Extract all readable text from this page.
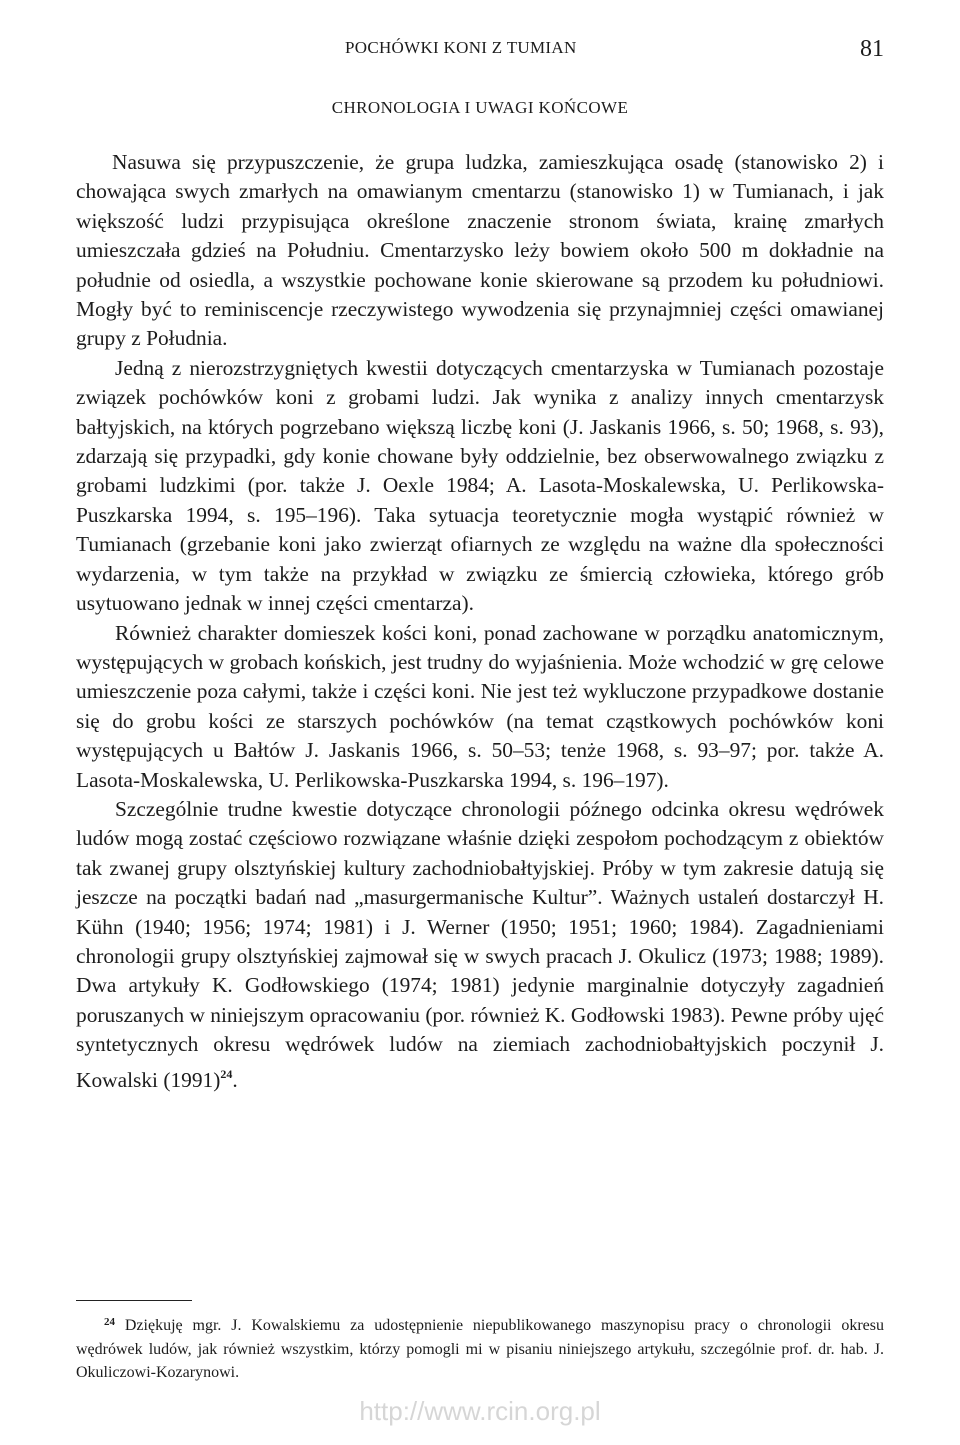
POCHÓWKI KONI Z TUMIAN	81
CHRONOLOGIA I UWAGI KOŃCOWE

Nasuwa się przypuszczenie, że grupa ludzka, zamieszkująca osadę (stanowisko 2) i chowająca swych zmarłych na omawianym cmentarzu (stanowisko 1) w Tumianach, i jak większość ludzi przypisująca określone znaczenie stronom świata, krainę zmarłych umieszczała gdzieś na Południu. Cmentarzysko leży bowiem około 500 m dokładnie na południe od osiedla, a wszystkie pochowane konie skierowane są przodem ku południowi. Mogły być to reminiscencje rzeczywistego wywodzenia się przynajmniej części omawianej grupy z Południa.

Jedną z nierozstrzygniętych kwestii dotyczących cmentarzyska w Tumianach pozostaje związek pochówków koni z grobami ludzi. Jak wynika z analizy innych cmentarzysk bałtyjskich, na których pogrzebano większą liczbę koni (J. Jaskanis 1966, s. 50; 1968, s. 93), zdarzają się przypadki, gdy konie chowane były oddzielnie, bez obserwowalnego związku z grobami ludzkimi (por. także J. Oexle 1984; A. Lasota-Moskalewska, U. Perlikowska-Puszkarska 1994, s. 195–196). Taka sytuacja teoretycznie mogła wystąpić również w Tumianach (grzebanie koni jako zwierząt ofiarnych ze względu na ważne dla społeczności wydarzenia, w tym także na przykład w związku ze śmiercią człowieka, którego grób usytuowano jednak w innej części cmentarza).

Również charakter domieszek kości koni, ponad zachowane w porządku anatomicznym, występujących w grobach końskich, jest trudny do wyjaśnienia. Może wchodzić w grę celowe umieszczenie poza całymi, także i części koni. Nie jest też wykluczone przypadkowe dostanie się do grobu kości ze starszych pochówków (na temat cząstkowych pochówków koni występujących u Bałtów J. Jaskanis 1966, s. 50–53; tenże 1968, s. 93–97; por. także A. Lasota-Moskalewska, U. Perlikowska-Puszkarska 1994, s. 196–197).

Szczególnie trudne kwestie dotyczące chronologii późnego odcinka okresu wędrówek ludów mogą zostać częściowo rozwiązane właśnie dzięki zespołom pochodzącym z obiektów tak zwanej grupy olsztyńskiej kultury zachodniobałtyjskiej. Próby w tym zakresie datują się jeszcze na początki badań nad „masurgermanische Kultur”. Ważnych ustaleń dostarczył H. Kühn (1940; 1956; 1974; 1981) i J. Werner (1950; 1951; 1960; 1984). Zagadnieniami chronologii grupy olsztyńskiej zajmował się w swych pracach J. Okulicz (1973; 1988; 1989). Dwa artykuły K. Godłowskiego (1974; 1981) jedynie marginalnie dotyczyły zagadnień poruszanych w niniejszym opracowaniu (por. również K. Godłowski 1983). Pewne próby ujęć syntetycznych okresu wędrówek ludów na ziemiach zachodniobałtyjskich poczynił J. Kowalski (1991)$^{24}$.

$^{24}$ Dziękuję mgr. J. Kowalskiemu za udostępnienie niepublikowanego maszynopisu pracy o chronologii okresu wędrówek ludów, jak również wszystkim, którzy pomogli mi w pisaniu niniejszego artykułu, szczególnie prof. dr. hab. J. Okuliczowi-Kozarynowi.
http://www.rcin.org.pl
